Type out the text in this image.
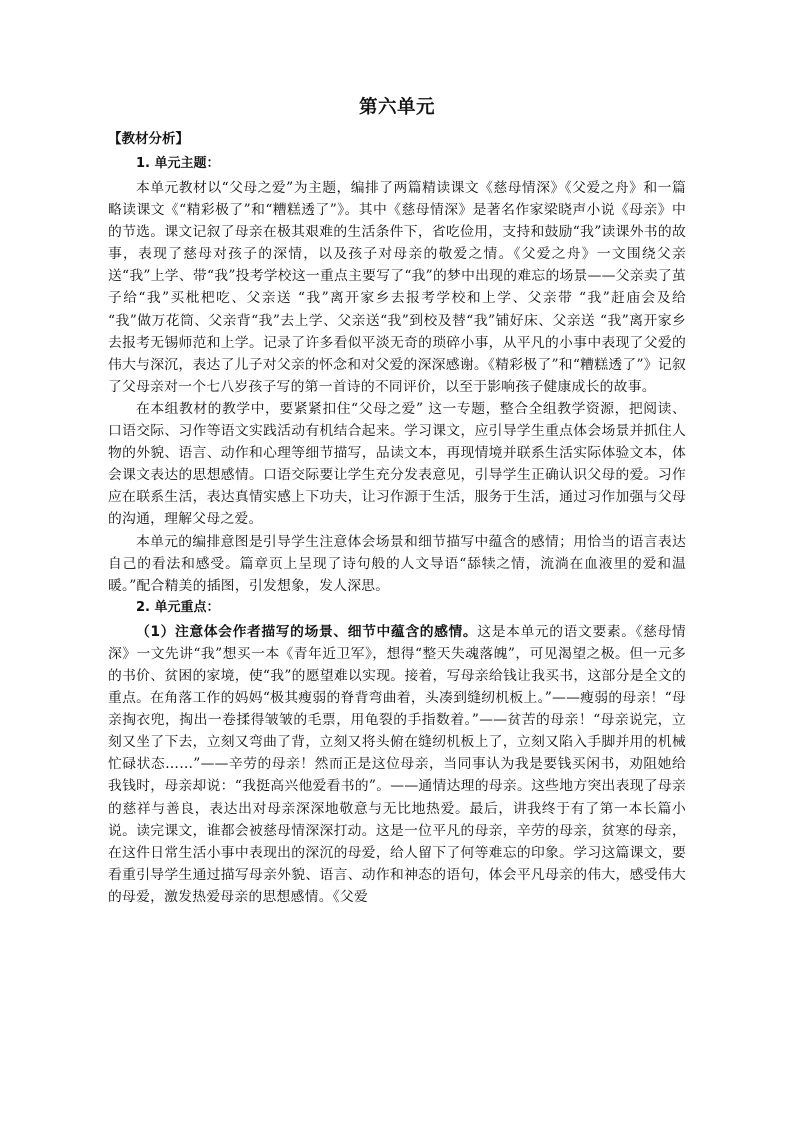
第六单元
【教材分析】
1. 单元主题：

本单元教材以“父母之爱”为主题，编排了两篇精读课文《慈母情深》《父爱之舟》和一篇略读课文《“精彩极了”和“糟糕透了”》。其中《慈母情深》是著名作家梁晓声小说《母亲》中的节选。课文记叙了母亲在极其艰难的生活条件下，省吃俭用，支持和鼓励“我”读课外书的故事，表现了慈母对孩子的深情，以及孩子对母亲的敬爱之情。《父爱之舟》一文围绕父亲送“我”上学、带“我”投考学校这一重点主要写了“我”的梦中出现的难忘的场景——父亲卖了茧子给“我”买枇杷吃、父亲送 “我”离开家乡去报考学校和上学、父亲带 “我”赶庙会及给 “我”做万花筒、父亲背“我”去上学、父亲送“我”到校及替“我”铺好床、父亲送 “我”离开家乡去报考无锡师范和上学。记录了许多看似平淡无奇的琐碎小事，从平凡的小事中表现了父爱的伟大与深沉，表达了儿子对父亲的怀念和对父爱的深深感谢。《精彩极了”和“糟糕透了”》记叙了父母亲对一个七八岁孩子写的第一首诗的不同评价，以至于影响孩子健康成长的故事。

在本组教材的教学中，要紧紧扣住“父母之爱” 这一专题，整合全组教学资源，把阅读、口语交际、习作等语文实践活动有机结合起来。学习课文，应引导学生重点体会场景并抓住人物的外貌、语言、动作和心理等细节描写，品读文本，再现情境并联系生活实际体验文本，体会课文表达的思想感情。口语交际要让学生充分发表意见，引导学生正确认识父母的爱。习作应在联系生活，表达真情实感上下功夫，让习作源于生活，服务于生活，通过习作加强与父母的沟通，理解父母之爱。

本单元的编排意图是引导学生注意体会场景和细节描写中蕴含的感情；用恰当的语言表达自己的看法和感受。篇章页上呈现了诗句般的人文导语“舔犊之情，流淌在血液里的爱和温暖。”配合精美的插图，引发想象，发人深思。

2. 单元重点：

（1）注意体会作者描写的场景、细节中蕴含的感情。这是本单元的语文要素。《慈母情深》一文先讲“我”想买一本《青年近卫军》，想得“整天失魂落魄”，可见渴望之极。但一元多的书价、贫困的家境，使“我”的愿望难以实现。接着，写母亲给钱让我买书，这部分是全文的重点。在角落工作的妈妈“极其瘦弱的脊背弯曲着，头凑到缝纫机板上。”——瘦弱的母亲！“母亲掏衣兜，掏出一卷揉得皱皱的毛票，用龟裂的手指数着。”——贫苦的母亲！“母亲说完，立刻又坐了下去，立刻又弯曲了背，立刻又将头俯在缝纫机板上了，立刻又陷入手脚并用的机械忙碌状态……”——辛劳的母亲！然而正是这位母亲，当同事认为我是要钱买闲书，劝阻她给我钱时，母亲却说：“我挺高兴他爱看书的”。——通情达理的母亲。这些地方突出表现了母亲的慈祥与善良，表达出对母亲深深地敬意与无比地热爱。最后，讲我终于有了第一本长篇小说。读完课文，谁都会被慈母情深深打动。这是一位平凡的母亲，辛劳的母亲，贫寒的母亲，在这件日常生活小事中表现出的深沉的母爱，给人留下了何等难忘的印象。学习这篇课文，要看重引导学生通过描写母亲外貌、语言、动作和神态的语句，体会平凡母亲的伟大，感受伟大的母爱，激发热爱母亲的思想感情。《父爱
